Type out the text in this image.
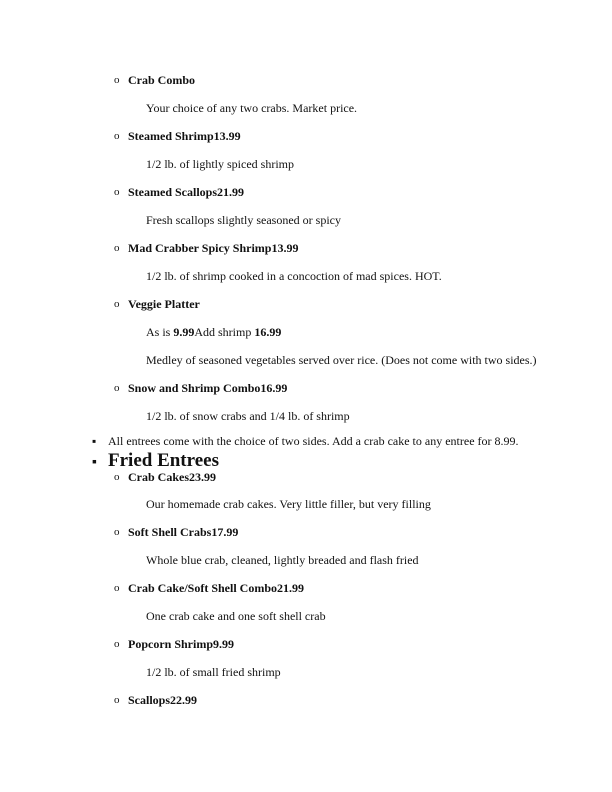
o Crab Combo
Your choice of any two crabs. Market price.
o Steamed Shrimp13.99
1/2 lb. of lightly spiced shrimp
o Steamed Scallops21.99
Fresh scallops slightly seasoned or spicy
o Mad Crabber Spicy Shrimp13.99
1/2 lb. of shrimp cooked in a concoction of mad spices. HOT.
o Veggie Platter
As is 9.99Add shrimp 16.99
Medley of seasoned vegetables served over rice. (Does not come with two sides.)
o Snow and Shrimp Combo16.99
1/2 lb. of snow crabs and 1/4 lb. of shrimp
▪ All entrees come with the choice of two sides. Add a crab cake to any entree for 8.99.
▪ Fried Entrees
o Crab Cakes23.99
Our homemade crab cakes. Very little filler, but very filling
o Soft Shell Crabs17.99
Whole blue crab, cleaned, lightly breaded and flash fried
o Crab Cake/Soft Shell Combo21.99
One crab cake and one soft shell crab
o Popcorn Shrimp9.99
1/2 lb. of small fried shrimp
o Scallops22.99
